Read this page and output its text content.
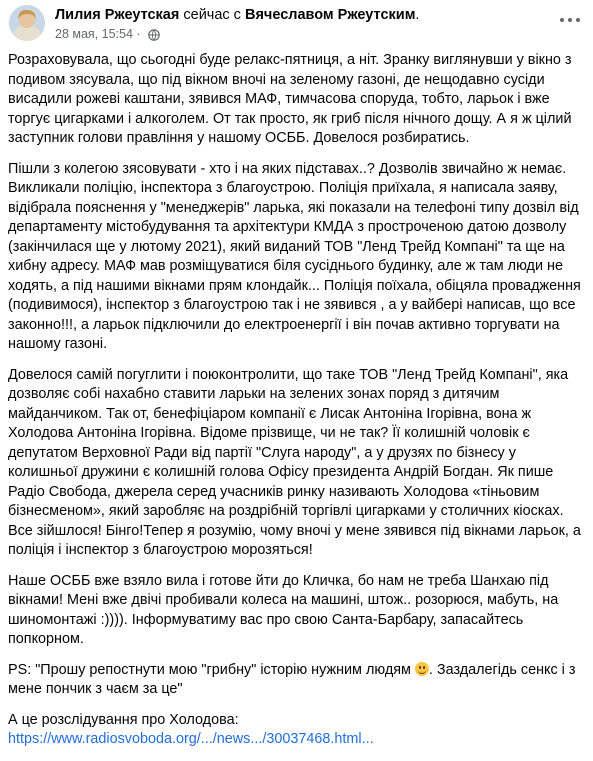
Лилия Ржеутская сейчас с Вячеславом Ржеутским.
28 мая, 15:54 ·

Розраховувала, що сьогодні буде релакс-пятниця, а ніт. Зранку виглянувши у вікно з подивом зясувала, що під вікном вночі на зеленому газоні, де нещодавно сусіди висадили рожеві каштани, зявився МАФ, тимчасова споруда, тобто, ларьок і вже торгує цигарками і алкоголем. От так просто, як гриб після нічного дощу. А я ж цілий заступник голови правління у нашому ОСББ. Довелося розбиратись.

Пішли з колегою зясовувати - хто і на яких підставах..? Дозволів звичайно ж немає. Викликали поліцію, інспектора з благоустрою. Поліція приїхала, я написала заяву, відібрала пояснення у "менеджерів" ларька, які показали на телефоні типу дозвіл від департаменту містобудування та архітектури КМДА з простроченою датою дозволу (закінчилася ще у лютому 2021), який виданий ТОВ "Ленд Трейд Компані" та ще на хибну адресу. МАФ мав розміщуватися біля сусіднього будинку, але ж там люди не ходять, а під нашими вікнами прям клондайк... Поліція поїхала, обіцяла провадження (подивимося), інспектор з благоустрою так і не зявився , а у вайбері написав, що все законно!!!, а ларьок підключили до електроенергії і він почав активно торгувати на нашому газоні.

Довелося самій погуглити і поюконтролити, що таке ТОВ "Ленд Трейд Компані", яка дозволяє собі нахабно ставити ларьки на зелених зонах поряд з дитячим майданчиком. Так от, бенефіціаром компанії є Лисак Антоніна Ігорівна, вона ж Холодова Антоніна Ігорівна. Відоме прізвище, чи не так? Її колишній чоловік є депутатом Верховної Ради від партії "Слуга народу", а у друзях по бізнесу у колишньої дружини є колишній голова Офісу президента Андрій Богдан. Як пише Радіо Свобода, джерела серед учасників ринку називають Холодова «тіньовим бізнесменом», який заробляє на роздрібній торгівлі цигарками у столичних кіосках. Все зійшлося! Бінго!Тепер я розумію, чому вночі у мене зявився під вікнами ларьок, а поліція і інспектор з благоустрою морозяться!

Наше ОСББ вже взяло вила і готове йти до Кличка, бо нам не треба Шанхаю під вікнами! Мені вже двічі пробивали колеса на машині, штож.. розорюся, мабуть, на шиномонтажі :)))). Інформуватиму вас про свою Санта-Барбару, запасайтесь попкорном.

PS: "Прошу репостнути мою "грибну" історію нужним людям
. Заздалегідь сенкс і з мене пончик з чаєм за це"

А це розслідування про Холодова: https://www.radiosvoboda.org/.../news.../30037468.html...
